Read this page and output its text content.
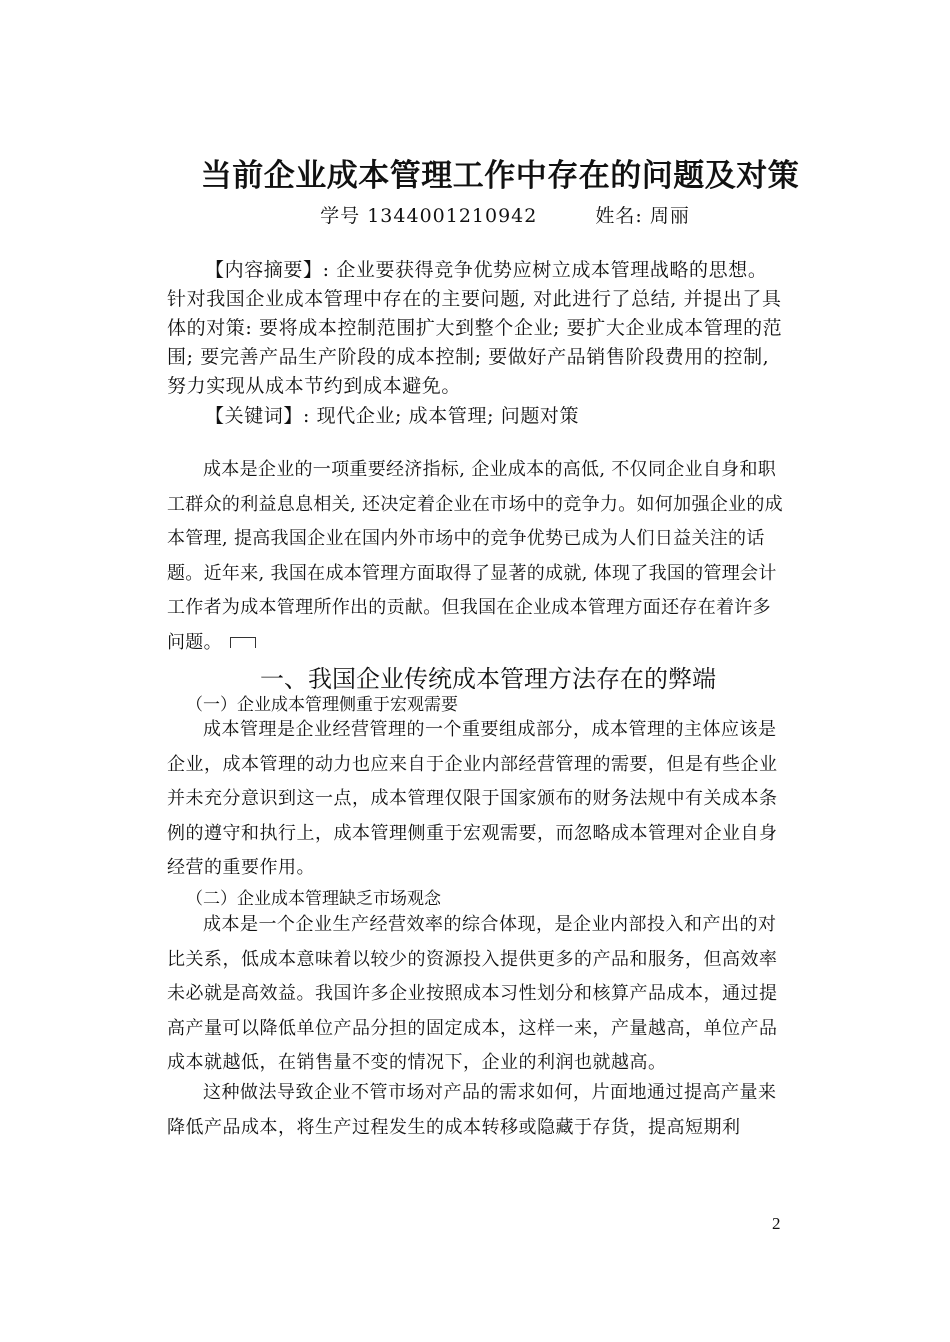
当前企业成本管理工作中存在的问题及对策
学号 1344001210942	姓名: 周丽
【内容摘要】: 企业要获得竞争优势应树立成本管理战略的思想。针对我国企业成本管理中存在的主要问题, 对此进行了总结, 并提出了具体的对策: 要将成本控制范围扩大到整个企业; 要扩大企业成本管理的范围; 要完善产品生产阶段的成本控制; 要做好产品销售阶段费用的控制, 努力实现从成本节约到成本避免。
【关键词】: 现代企业; 成本管理; 问题对策
成本是企业的一项重要经济指标, 企业成本的高低, 不仅同企业自身和职工群众的利益息息相关, 还决定着企业在市场中的竞争力。如何加强企业的成本管理, 提高我国企业在国内外市场中的竞争优势已成为人们日益关注的话题。近年来, 我国在成本管理方面取得了显著的成就, 体现了我国的管理会计工作者为成本管理所作出的贡献。但我国在企业成本管理方面还存在着许多问题。
一、我国企业传统成本管理方法存在的弊端
（一）企业成本管理侧重于宏观需要
成本管理是企业经营管理的一个重要组成部分，成本管理的主体应该是企业，成本管理的动力也应来自于企业内部经营管理的需要，但是有些企业并未充分意识到这一点，成本管理仅限于国家颁布的财务法规中有关成本条例的遵守和执行上，成本管理侧重于宏观需要，而忽略成本管理对企业自身经营的重要作用。
（二）企业成本管理缺乏市场观念
成本是一个企业生产经营效率的综合体现，是企业内部投入和产出的对比关系，低成本意味着以较少的资源投入提供更多的产品和服务，但高效率未必就是高效益。我国许多企业按照成本习性划分和核算产品成本，通过提高产量可以降低单位产品分担的固定成本，这样一来，产量越高，单位产品成本就越低，在销售量不变的情况下，企业的利润也就越高。
这种做法导致企业不管市场对产品的需求如何，片面地通过提高产量来降低产品成本，将生产过程发生的成本转移或隐藏于存货，提高短期利
2
